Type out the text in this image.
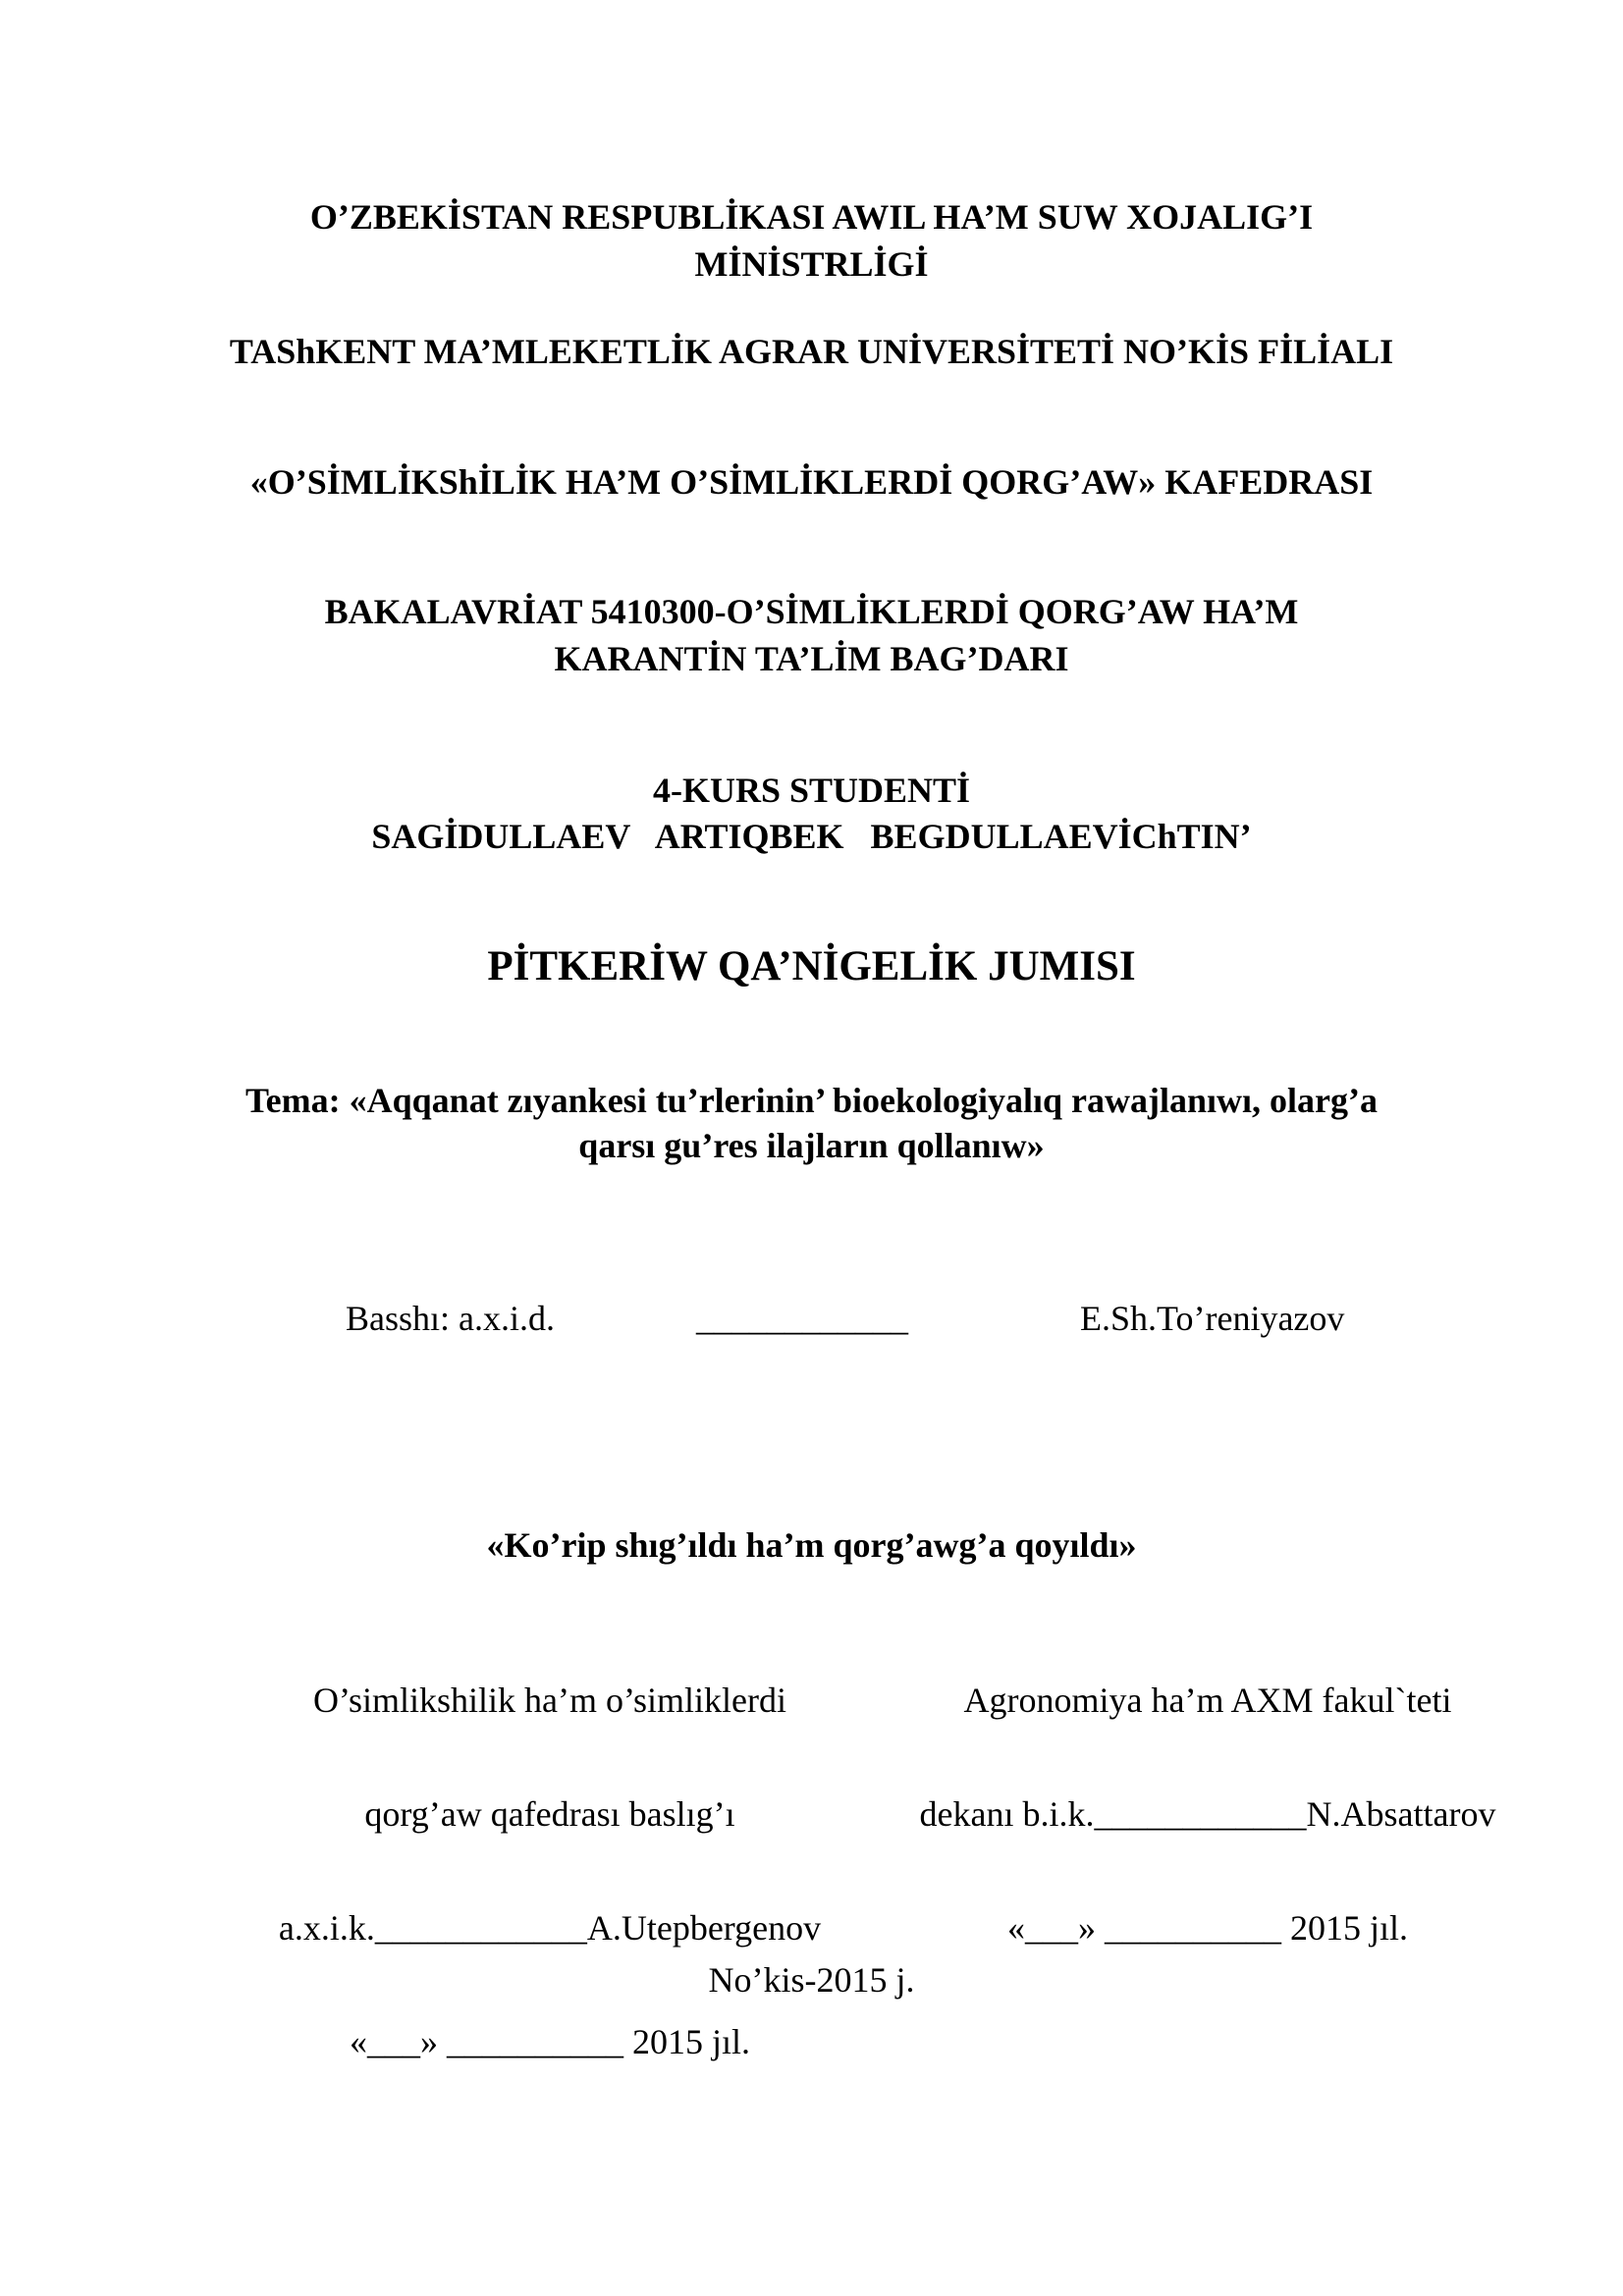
O’ZBEKİSTAN RESPUBLİKASI AWIL HA’M SUW XOJALIG’I
MİNİSTRLİGİ
TAShKENT MA’MLEKETLİK AGRAR UNİVERSİTETİ NO’KİS FİLİALI
«O’SİMLİKShİLİK HA’M O’SİMLİKLERDİ QORG’AW» KAFEDRASI
BAKALAVRİAT 5410300-O’SİMLİKLERDİ QORG’AW HA’M
KARANTİN TA’LİM BAG’DARI
4-KURS STUDENTİ
SAGİDULLAEV   ARTIQBEK   BEGDULLAEVİChTIN’
PİTKERİW QA’NİGELİK JUMISI
Tema: «Aqqanat zıyankesi tu’rlerinin’ bioekologiyalıq rawajlanıwı, olarg’a
qarsı gu’res ilajların qollanıw»
Basshı: a.x.i.d.	____________	E.Sh.To’reniyazov
«Ko’rip shıg’ıldı ha’m qorg’awg’a qoyıldı»

O’simlikshilik ha’m o’simliklerdi

qorg’aw qafedrası baslıg’ı

a.x.i.k.____________A.Utepbergenov

«___» __________ 2015 jıl.

Agronomiya ha’m AXM fakul`teti

dekanı b.i.k.____________N.Absattarov

«___» __________ 2015 jıl.

No’kis-2015 j.
